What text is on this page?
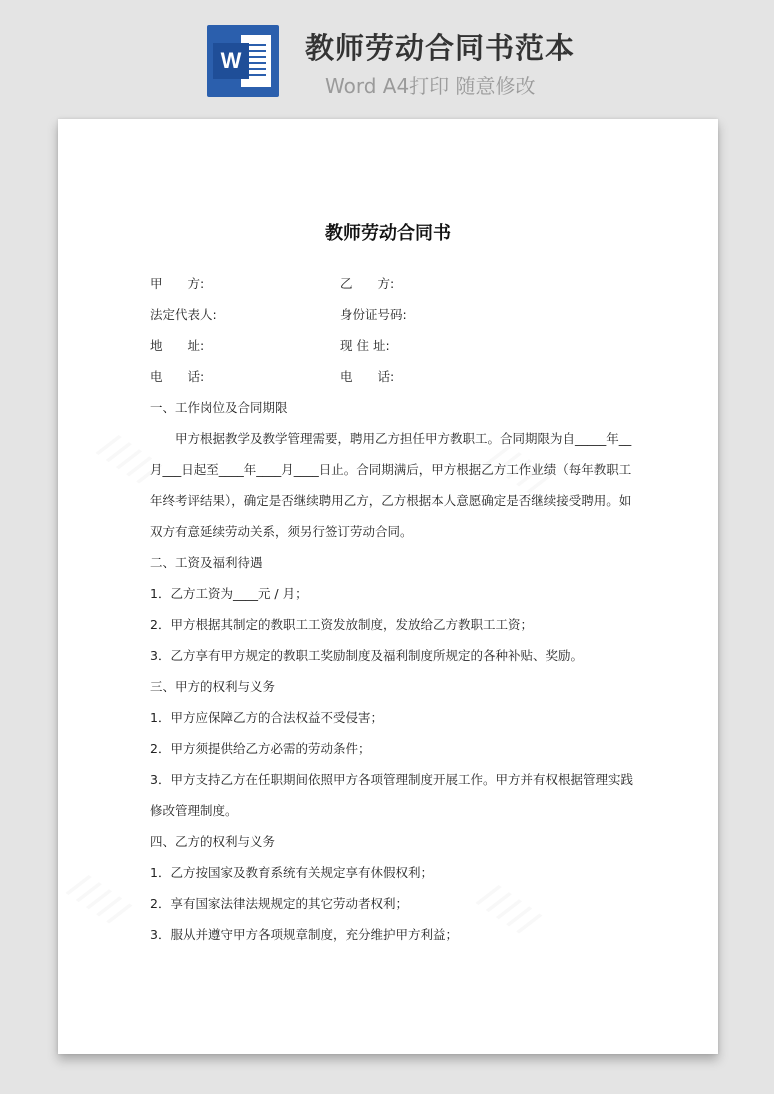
W 教师劳动合同书范本
Word A4打印 随意修改
/////	/////
/////	/////
教师劳动合同书
甲　　方:	乙　　方:
法定代表人:	身份证号码:
地　　址:	现 住 址:
电　　话:	电　　话:
一、工作岗位及合同期限
　　甲方根据教学及教学管理需要，聘用乙方担任甲方教职工。合同期限为自_____年__
月___日起至____年____月____日止。合同期满后，甲方根据乙方工作业绩（每年教职工
年终考评结果），确定是否继续聘用乙方，乙方根据本人意愿确定是否继续接受聘用。如
双方有意延续劳动关系，须另行签订劳动合同。
二、工资及福利待遇
1．乙方工资为____元 / 月；
2．甲方根据其制定的教职工工资发放制度，发放给乙方教职工工资；
3．乙方享有甲方规定的教职工奖励制度及福利制度所规定的各种补贴、奖励。
三、甲方的权利与义务
1．甲方应保障乙方的合法权益不受侵害；
2．甲方须提供给乙方必需的劳动条件；
3．甲方支持乙方在任职期间依照甲方各项管理制度开展工作。甲方并有权根据管理实践
修改管理制度。
四、乙方的权利与义务
1．乙方按国家及教育系统有关规定享有休假权利；
2．享有国家法律法规规定的其它劳动者权利；
3．服从并遵守甲方各项规章制度，充分维护甲方利益；
